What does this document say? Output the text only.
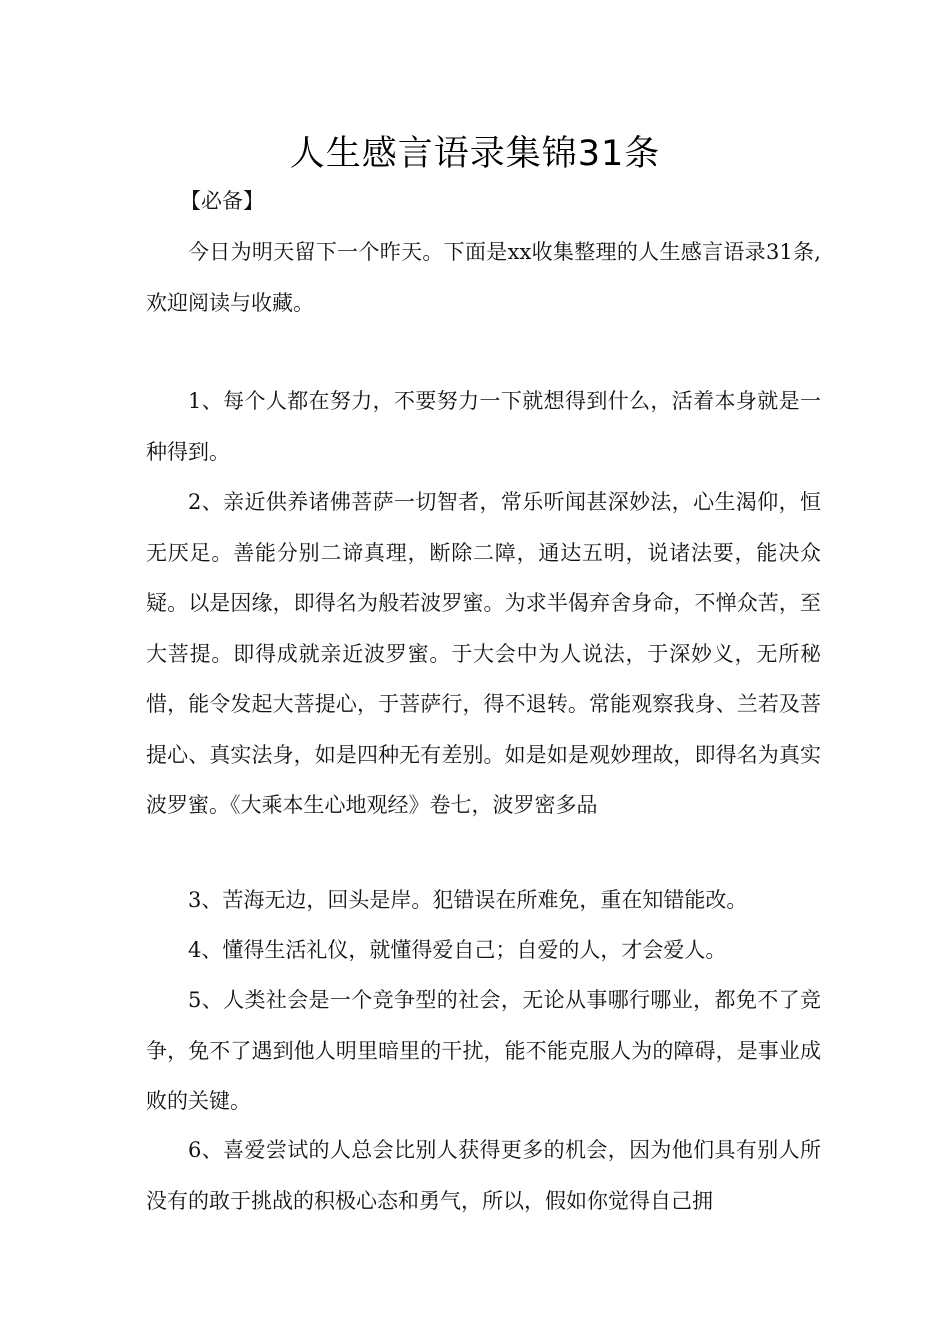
人生感言语录集锦31条
【必备】

今日为明天留下一个昨天。下面是xx收集整理的人生感言语录31条,欢迎阅读与收藏。

1、每个人都在努力，不要努力一下就想得到什么，活着本身就是一种得到。

2、亲近供养诸佛菩萨一切智者，常乐听闻甚深妙法，心生渴仰，恒无厌足。善能分别二谛真理，断除二障，通达五明，说诸法要，能决众疑。以是因缘，即得名为般若波罗蜜。为求半偈弃舍身命，不惮众苦，至大菩提。即得成就亲近波罗蜜。于大会中为人说法，于深妙义，无所秘惜，能令发起大菩提心，于菩萨行，得不退转。常能观察我身、兰若及菩提心、真实法身，如是四种无有差别。如是如是观妙理故，即得名为真实波罗蜜。《大乘本生心地观经》卷七，波罗密多品

3、苦海无边，回头是岸。犯错误在所难免，重在知错能改。

4、懂得生活礼仪，就懂得爱自己；自爱的人，才会爱人。

5、人类社会是一个竞争型的社会，无论从事哪行哪业，都免不了竞争，免不了遇到他人明里暗里的干扰，能不能克服人为的障碍，是事业成败的关键。

6、喜爱尝试的人总会比别人获得更多的机会，因为他们具有别人所没有的敢于挑战的积极心态和勇气，所以，假如你觉得自己拥
